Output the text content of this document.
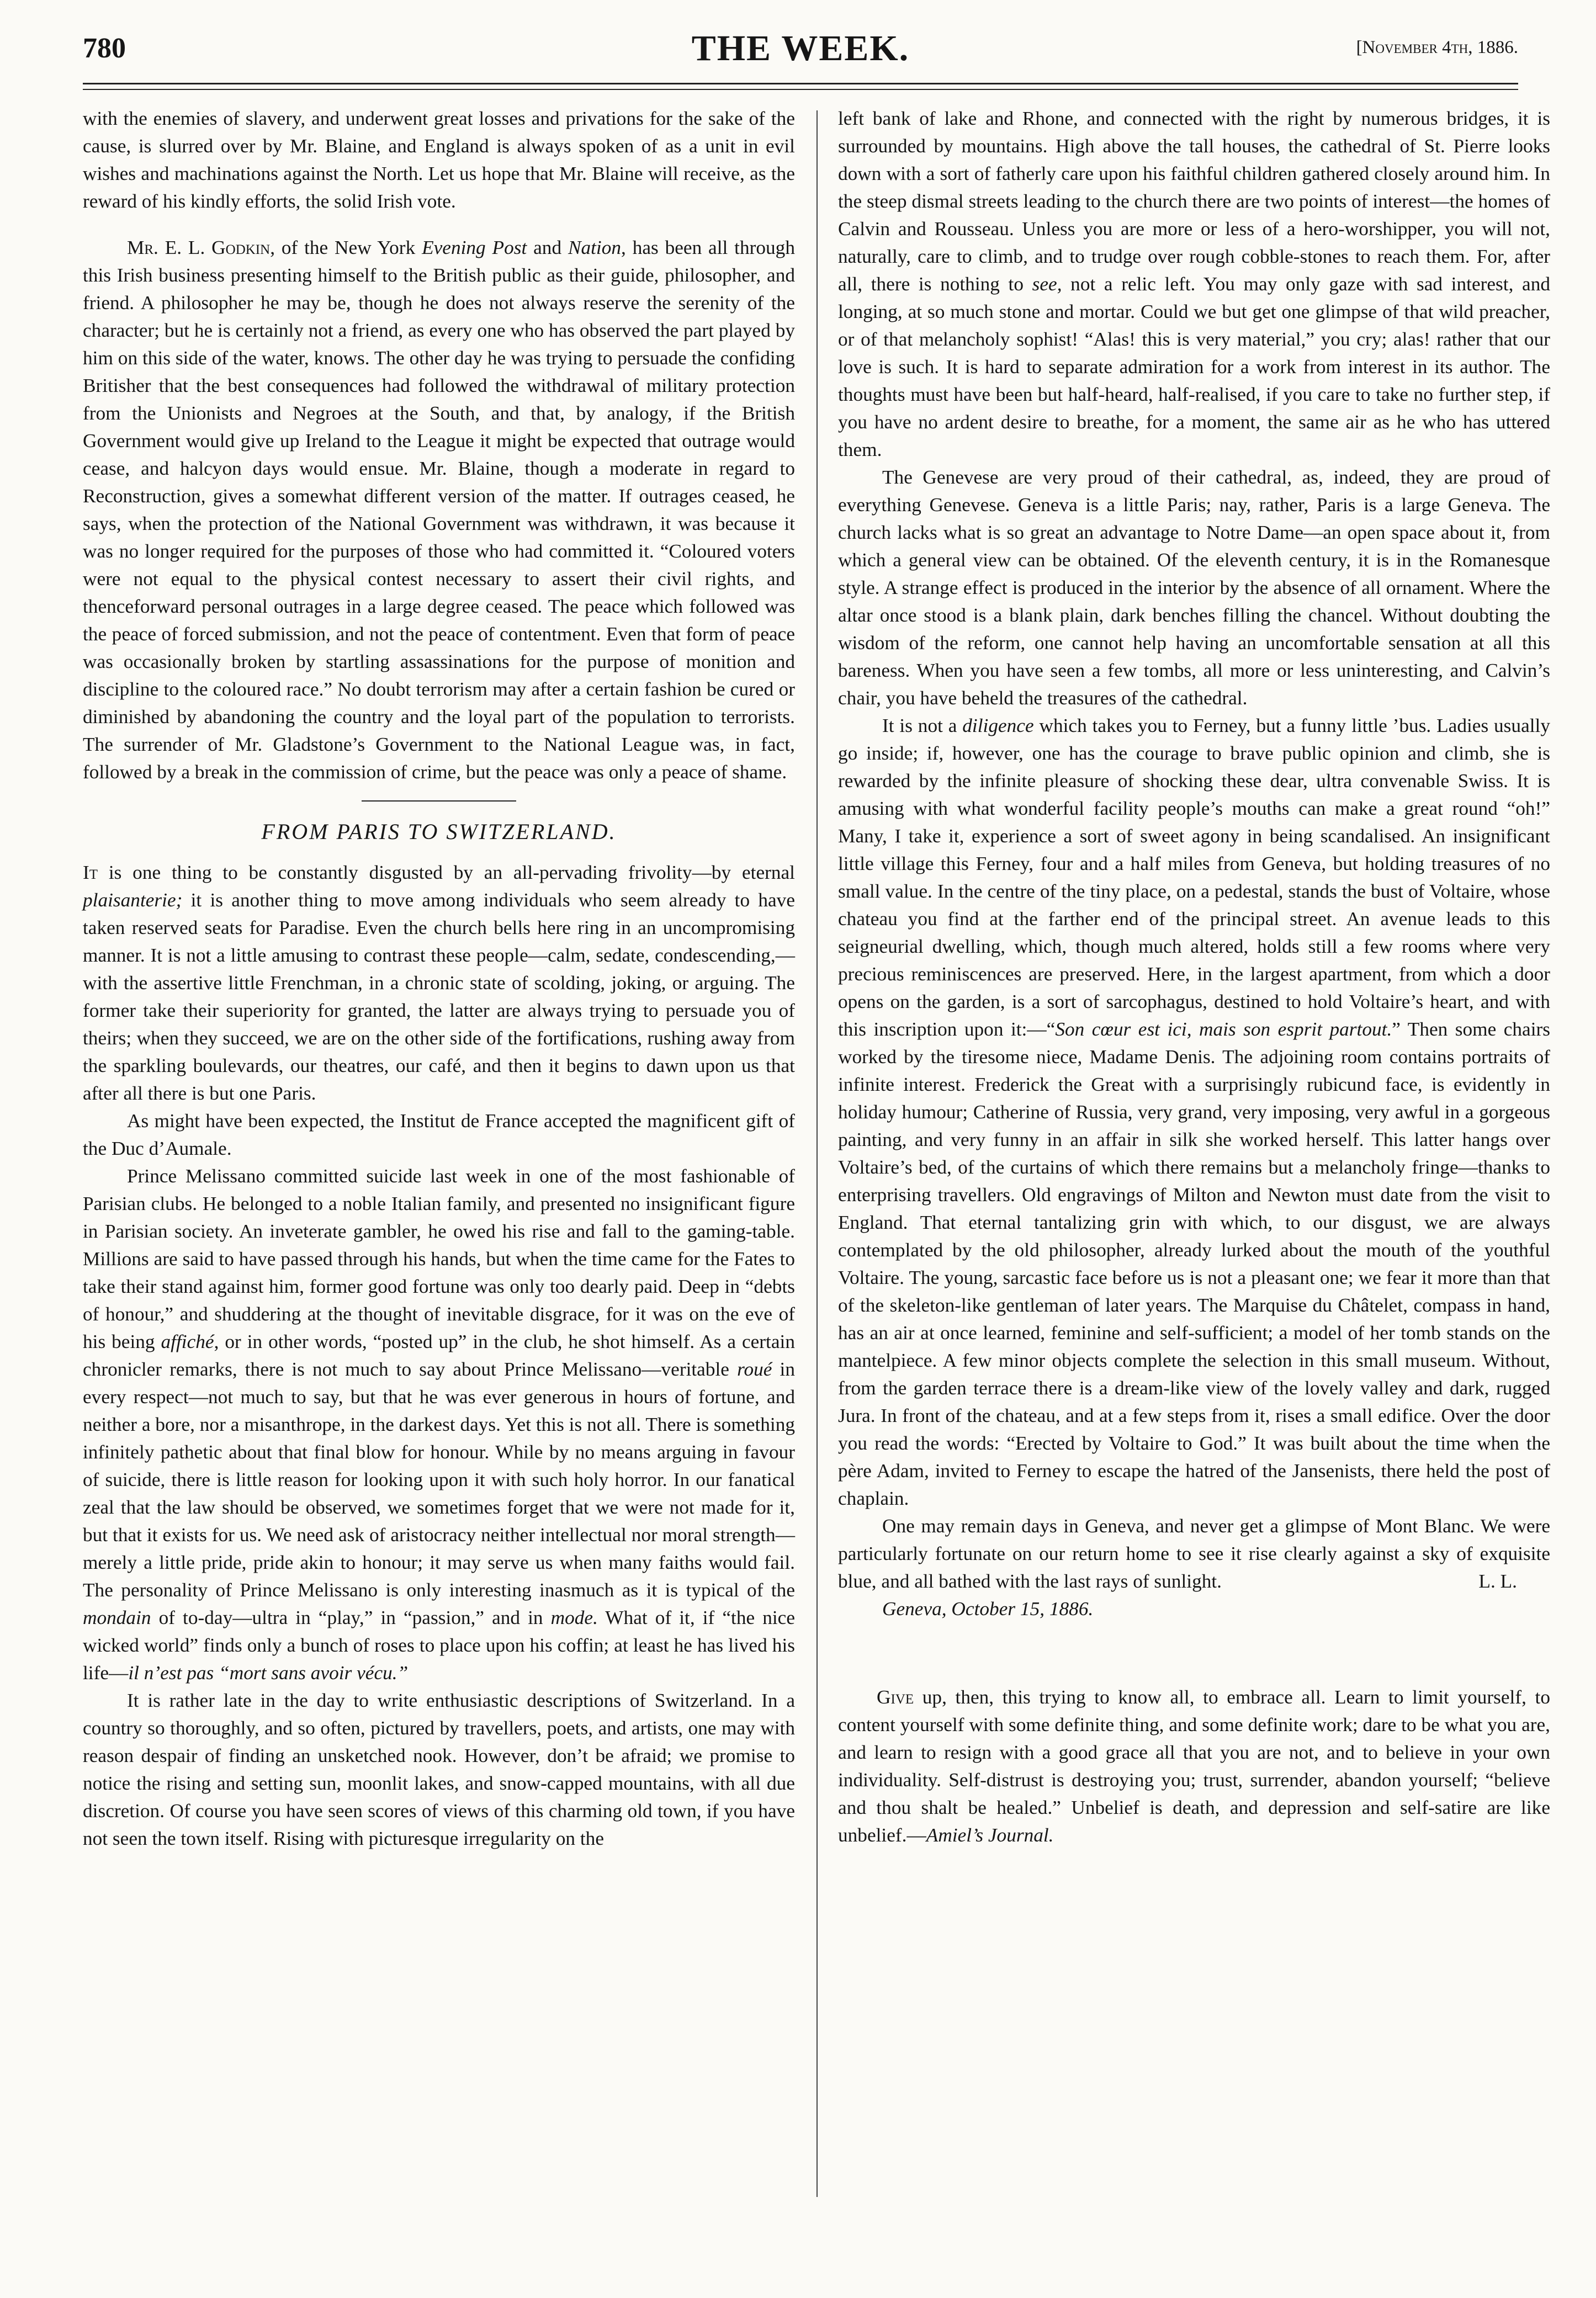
780	THE WEEK.	[November 4th, 1886.

with the enemies of slavery, and underwent great losses and privations for the sake of the cause, is slurred over by Mr. Blaine, and England is always spoken of as a unit in evil wishes and machinations against the North. Let us hope that Mr. Blaine will receive, as the reward of his kindly efforts, the solid Irish vote.

Mr. E. L. Godkin, of the New York Evening Post and Nation, has been all through this Irish business presenting himself to the British public as their guide, philosopher, and friend. A philosopher he may be, though he does not always reserve the serenity of the character; but he is certainly not a friend, as every one who has observed the part played by him on this side of the water, knows. The other day he was trying to persuade the confiding Britisher that the best consequences had followed the withdrawal of military protection from the Unionists and Negroes at the South, and that, by analogy, if the British Government would give up Ireland to the League it might be expected that outrage would cease, and halcyon days would ensue. Mr. Blaine, though a moderate in regard to Reconstruction, gives a somewhat different version of the matter. If outrages ceased, he says, when the protection of the National Government was withdrawn, it was because it was no longer required for the purposes of those who had committed it. “Coloured voters were not equal to the physical contest necessary to assert their civil rights, and thenceforward personal outrages in a large degree ceased. The peace which followed was the peace of forced submission, and not the peace of contentment. Even that form of peace was occasionally broken by startling assassinations for the purpose of monition and discipline to the coloured race.” No doubt terrorism may after a certain fashion be cured or diminished by abandoning the country and the loyal part of the population to terrorists. The surrender of Mr. Gladstone’s Government to the National League was, in fact, followed by a break in the commission of crime, but the peace was only a peace of shame.

FROM PARIS TO SWITZERLAND.

It is one thing to be constantly disgusted by an all-pervading frivolity—by eternal plaisanterie; it is another thing to move among individuals who seem already to have taken reserved seats for Paradise. Even the church bells here ring in an uncompromising manner. It is not a little amusing to contrast these people—calm, sedate, condescending,—with the assertive little Frenchman, in a chronic state of scolding, joking, or arguing. The former take their superiority for granted, the latter are always trying to persuade you of theirs; when they succeed, we are on the other side of the fortifications, rushing away from the sparkling boulevards, our theatres, our café, and then it begins to dawn upon us that after all there is but one Paris.

As might have been expected, the Institut de France accepted the magnificent gift of the Duc d’Aumale.

Prince Melissano committed suicide last week in one of the most fashionable of Parisian clubs. He belonged to a noble Italian family, and presented no insignificant figure in Parisian society. An inveterate gambler, he owed his rise and fall to the gaming-table. Millions are said to have passed through his hands, but when the time came for the Fates to take their stand against him, former good fortune was only too dearly paid. Deep in “debts of honour,” and shuddering at the thought of inevitable disgrace, for it was on the eve of his being affiché, or in other words, “posted up” in the club, he shot himself. As a certain chronicler remarks, there is not much to say about Prince Melissano—veritable roué in every respect—not much to say, but that he was ever generous in hours of fortune, and neither a bore, nor a misanthrope, in the darkest days. Yet this is not all. There is something infinitely pathetic about that final blow for honour. While by no means arguing in favour of suicide, there is little reason for looking upon it with such holy horror. In our fanatical zeal that the law should be observed, we sometimes forget that we were not made for it, but that it exists for us. We need ask of aristocracy neither intellectual nor moral strength—merely a little pride, pride akin to honour; it may serve us when many faiths would fail. The personality of Prince Melissano is only interesting inasmuch as it is typical of the mondain of to-day—ultra in “play,” in “passion,” and in mode. What of it, if “the nice wicked world” finds only a bunch of roses to place upon his coffin; at least he has lived his life—il n’est pas “mort sans avoir vécu.”

It is rather late in the day to write enthusiastic descriptions of Switzerland. In a country so thoroughly, and so often, pictured by travellers, poets, and artists, one may with reason despair of finding an unsketched nook. However, don’t be afraid; we promise to notice the rising and setting sun, moonlit lakes, and snow-capped mountains, with all due discretion. Of course you have seen scores of views of this charming old town, if you have not seen the town itself. Rising with picturesque irregularity on the

left bank of lake and Rhone, and connected with the right by numerous bridges, it is surrounded by mountains. High above the tall houses, the cathedral of St. Pierre looks down with a sort of fatherly care upon his faithful children gathered closely around him. In the steep dismal streets leading to the church there are two points of interest—the homes of Calvin and Rousseau. Unless you are more or less of a hero-worshipper, you will not, naturally, care to climb, and to trudge over rough cobble-stones to reach them. For, after all, there is nothing to see, not a relic left. You may only gaze with sad interest, and longing, at so much stone and mortar. Could we but get one glimpse of that wild preacher, or of that melancholy sophist! “Alas! this is very material,” you cry; alas! rather that our love is such. It is hard to separate admiration for a work from interest in its author. The thoughts must have been but half-heard, half-realised, if you care to take no further step, if you have no ardent desire to breathe, for a moment, the same air as he who has uttered them.

The Genevese are very proud of their cathedral, as, indeed, they are proud of everything Genevese. Geneva is a little Paris; nay, rather, Paris is a large Geneva. The church lacks what is so great an advantage to Notre Dame—an open space about it, from which a general view can be obtained. Of the eleventh century, it is in the Romanesque style. A strange effect is produced in the interior by the absence of all ornament. Where the altar once stood is a blank plain, dark benches filling the chancel. Without doubting the wisdom of the reform, one cannot help having an uncomfortable sensation at all this bareness. When you have seen a few tombs, all more or less uninteresting, and Calvin’s chair, you have beheld the treasures of the cathedral.

It is not a diligence which takes you to Ferney, but a funny little ’bus. Ladies usually go inside; if, however, one has the courage to brave public opinion and climb, she is rewarded by the infinite pleasure of shocking these dear, ultra convenable Swiss. It is amusing with what wonderful facility people’s mouths can make a great round “oh!” Many, I take it, experience a sort of sweet agony in being scandalised. An insignificant little village this Ferney, four and a half miles from Geneva, but holding treasures of no small value. In the centre of the tiny place, on a pedestal, stands the bust of Voltaire, whose chateau you find at the farther end of the principal street. An avenue leads to this seigneurial dwelling, which, though much altered, holds still a few rooms where very precious reminiscences are preserved. Here, in the largest apartment, from which a door opens on the garden, is a sort of sarcophagus, destined to hold Voltaire’s heart, and with this inscription upon it:—“Son cœur est ici, mais son esprit partout.” Then some chairs worked by the tiresome niece, Madame Denis. The adjoining room contains portraits of infinite interest. Frederick the Great with a surprisingly rubicund face, is evidently in holiday humour; Catherine of Russia, very grand, very imposing, very awful in a gorgeous painting, and very funny in an affair in silk she worked herself. This latter hangs over Voltaire’s bed, of the curtains of which there remains but a melancholy fringe—thanks to enterprising travellers. Old engravings of Milton and Newton must date from the visit to England. That eternal tantalizing grin with which, to our disgust, we are always contemplated by the old philosopher, already lurked about the mouth of the youthful Voltaire. The young, sarcastic face before us is not a pleasant one; we fear it more than that of the skeleton-like gentleman of later years. The Marquise du Châtelet, compass in hand, has an air at once learned, feminine and self-sufficient; a model of her tomb stands on the mantelpiece. A few minor objects complete the selection in this small museum. Without, from the garden terrace there is a dream-like view of the lovely valley and dark, rugged Jura. In front of the chateau, and at a few steps from it, rises a small edifice. Over the door you read the words: “Erected by Voltaire to God.” It was built about the time when the père Adam, invited to Ferney to escape the hatred of the Jansenists, there held the post of chaplain.

One may remain days in Geneva, and never get a glimpse of Mont Blanc. We were particularly fortunate on our return home to see it rise clearly against a sky of exquisite blue, and all bathed with the last rays of sunlight.	L. L.

Geneva, October 15, 1886.

Give up, then, this trying to know all, to embrace all. Learn to limit yourself, to content yourself with some definite thing, and some definite work; dare to be what you are, and learn to resign with a good grace all that you are not, and to believe in your own individuality. Self-distrust is destroying you; trust, surrender, abandon yourself; “believe and thou shalt be healed.” Unbelief is death, and depression and self-satire are like unbelief.—Amiel’s Journal.
